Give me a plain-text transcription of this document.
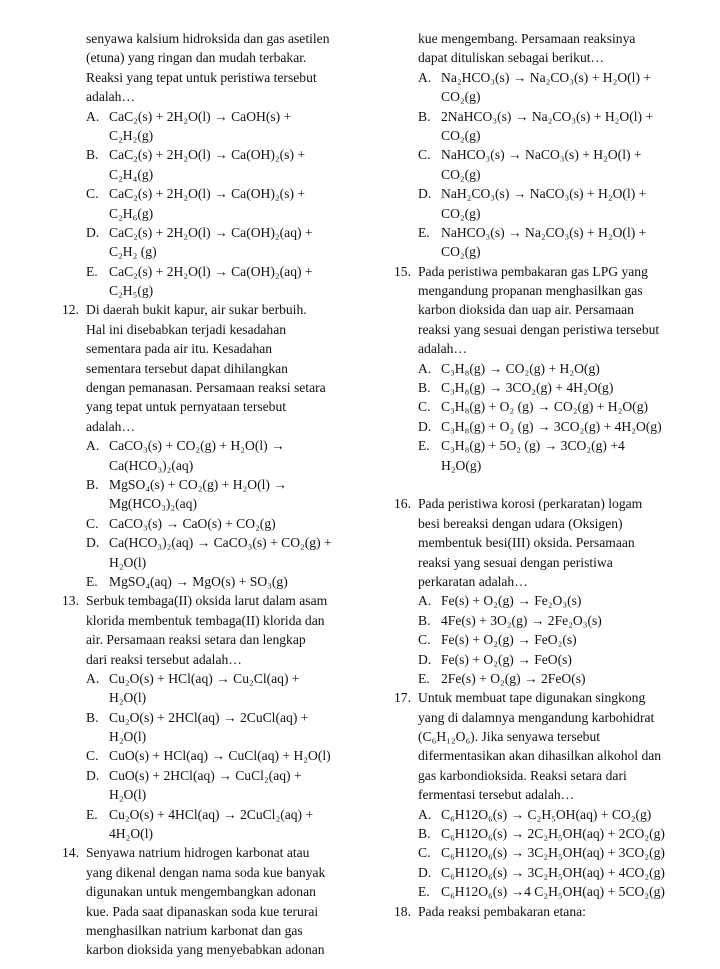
senyawa kalsium hidroksida dan gas asetilen
(etuna) yang ringan dan mudah terbakar.
Reaksi yang tepat untuk peristiwa tersebut
adalah…
A. CaC₂(s) + 2H₂O(l) → CaOH(s) +
C₂H₂(g)
B. CaC₂(s) + 2H₂O(l) → Ca(OH)₂(s) +
C₂H₄(g)
C. CaC₂(s) + 2H₂O(l) → Ca(OH)₂(s) +
C₂H₆(g)
D. CaC₂(s) + 2H₂O(l) → Ca(OH)₂(aq) +
C₂H₂ (g)
E. CaC₂(s) + 2H₂O(l) → Ca(OH)₂(aq) +
C₂H₅(g)
12. Di daerah bukit kapur, air sukar berbuih.
Hal ini disebabkan terjadi kesadahan
sementara pada air itu. Kesadahan
sementara tersebut dapat dihilangkan
dengan pemanasan. Persamaan reaksi setara
yang tepat untuk pernyataan tersebut
adalah…
A. CaCO₃(s) + CO₂(g) + H₂O(l) →
Ca(HCO₃)₂(aq)
B. MgSO₄(s) + CO₂(g) + H₂O(l) →
Mg(HCO₃)₂(aq)
C. CaCO₃(s) → CaO(s) + CO₂(g)
D. Ca(HCO₃)₂(aq) → CaCO₃(s) + CO₂(g) +
H₂O(l)
E. MgSO₄(aq) → MgO(s) + SO₃(g)
13. Serbuk tembaga(II) oksida larut dalam asam
klorida membentuk tembaga(II) klorida dan
air. Persamaan reaksi setara dan lengkap
dari reaksi tersebut adalah…
A. Cu₂O(s) + HCl(aq) → Cu₂Cl(aq) +
H₂O(l)
B. Cu₂O(s) + 2HCl(aq) → 2CuCl(aq) +
H₂O(l)
C. CuO(s) + HCl(aq) → CuCl(aq) + H₂O(l)
D. CuO(s) + 2HCl(aq) → CuCl₂(aq) +
H₂O(l)
E. Cu₂O(s) + 4HCl(aq) → 2CuCl₂(aq) +
4H₂O(l)
14. Senyawa natrium hidrogen karbonat atau
yang dikenal dengan nama soda kue banyak
digunakan untuk mengembangkan adonan
kue. Pada saat dipanaskan soda kue terurai
menghasilkan natrium karbonat dan gas
karbon dioksida yang menyebabkan adonan
kue mengembang. Persamaan reaksinya
dapat dituliskan sebagai berikut…
A. Na₂HCO₃(s) → Na₂CO₃(s) + H₂O(l) +
CO₂(g)
B. 2NaHCO₃(s) → Na₂CO₃(s) + H₂O(l) +
CO₂(g)
C. NaHCO₃(s) → NaCO₃(s) + H₂O(l) +
CO₂(g)
D. NaH₂CO₃(s) → NaCO₃(s) + H₂O(l) +
CO₂(g)
E. NaHCO₃(s) → Na₂CO₃(s) + H₂O(l) +
CO₂(g)
15. Pada peristiwa pembakaran gas LPG yang
mengandung propanan menghasilkan gas
karbon dioksida dan uap air. Persamaan
reaksi yang sesuai dengan peristiwa tersebut
adalah…
A. C₃H₈(g) → CO₂(g) + H₂O(g)
B. C₃H₈(g) → 3CO₂(g) + 4H₂O(g)
C. C₃H₈(g) + O₂ (g) → CO₂(g) + H₂O(g)
D. C₃H₈(g) + O₂ (g) → 3CO₂(g) + 4H₂O(g)
E. C₃H₈(g) + 5O₂ (g) → 3CO₂(g) +4
H₂O(g)
16. Pada peristiwa korosi (perkaratan) logam
besi bereaksi dengan udara (Oksigen)
membentuk besi(III) oksida. Persamaan
reaksi yang sesuai dengan peristiwa
perkaratan adalah…
A. Fe(s) + O₂(g) → Fe₂O₃(s)
B. 4Fe(s) + 3O₂(g) → 2Fe₂O₃(s)
C. Fe(s) + O₂(g) → FeO₂(s)
D. Fe(s) + O₂(g) → FeO(s)
E. 2Fe(s) + O₂(g) → 2FeO(s)
17. Untuk membuat tape digunakan singkong
yang di dalamnya mengandung karbohidrat
(C₆H₁₂O₆). Jika senyawa tersebut
difermentasikan akan dihasilkan alkohol dan
gas karbondioksida. Reaksi setara dari
fermentasi tersebut adalah…
A. C₆H12O₆(s) → C₂H₅OH(aq) + CO₂(g)
B. C₆H12O₆(s) → 2C₂H₅OH(aq) + 2CO₂(g)
C. C₆H12O₆(s) → 3C₂H₅OH(aq) + 3CO₂(g)
D. C₆H12O₆(s) → 3C₂H₅OH(aq) + 4CO₂(g)
E. C₆H12O₆(s) →4 C₂H₅OH(aq) + 5CO₂(g)
18. Pada reaksi pembakaran etana:
